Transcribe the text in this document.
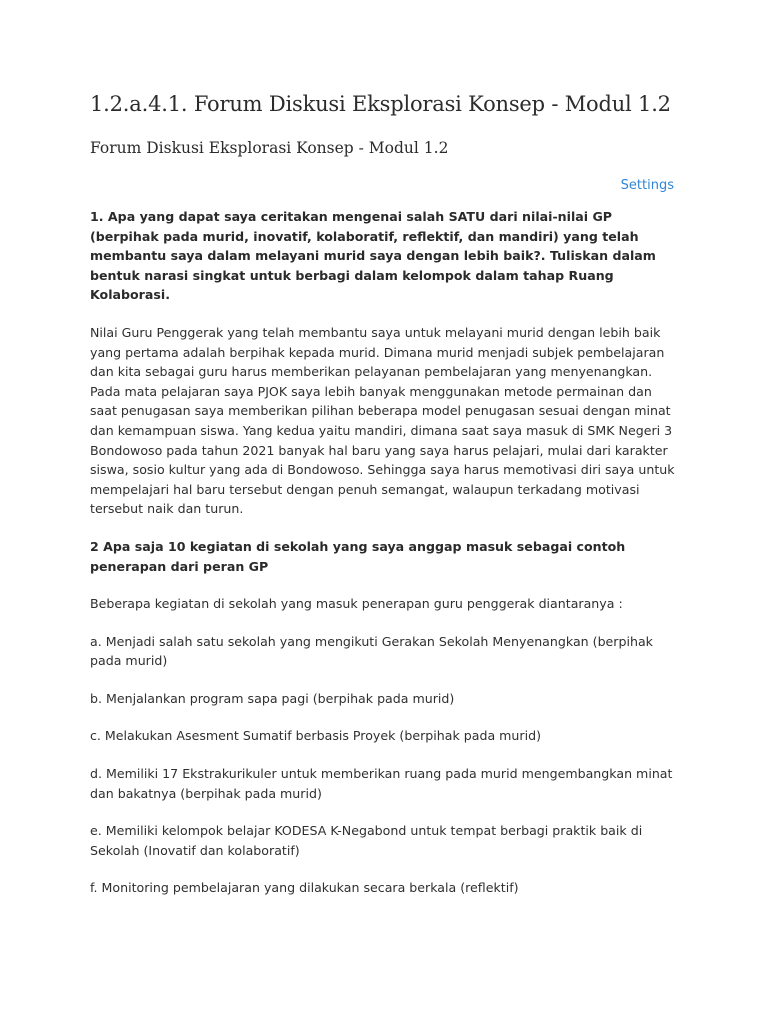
1.2.a.4.1. Forum Diskusi Eksplorasi Konsep - Modul 1.2
Forum Diskusi Eksplorasi Konsep - Modul 1.2
Settings

1. Apa yang dapat saya ceritakan mengenai salah SATU dari nilai-nilai GP (berpihak pada murid, inovatif, kolaboratif, reflektif, dan mandiri) yang telah membantu saya dalam melayani murid saya dengan lebih baik?. Tuliskan dalam bentuk narasi singkat untuk berbagi dalam kelompok dalam tahap Ruang Kolaborasi.

Nilai Guru Penggerak yang telah membantu saya untuk melayani murid dengan lebih baik yang pertama adalah berpihak kepada murid. Dimana murid menjadi subjek pembelajaran dan kita sebagai guru harus memberikan pelayanan pembelajaran yang menyenangkan. Pada mata pelajaran saya PJOK saya lebih banyak menggunakan metode permainan dan saat penugasan saya memberikan pilihan beberapa model penugasan sesuai dengan minat dan kemampuan siswa. Yang kedua yaitu mandiri, dimana saat saya masuk di SMK Negeri 3 Bondowoso pada tahun 2021 banyak hal baru yang saya harus pelajari, mulai dari karakter siswa, sosio kultur yang ada di Bondowoso. Sehingga saya harus memotivasi diri saya untuk mempelajari hal baru tersebut dengan penuh semangat, walaupun terkadang motivasi tersebut naik dan turun.

2 Apa saja 10 kegiatan di sekolah yang saya anggap masuk sebagai contoh penerapan dari peran GP

Beberapa kegiatan di sekolah yang masuk penerapan guru penggerak diantaranya :

a. Menjadi salah satu sekolah yang mengikuti Gerakan Sekolah Menyenangkan (berpihak pada murid)

b. Menjalankan program sapa pagi (berpihak pada murid)

c. Melakukan Asesment Sumatif berbasis Proyek (berpihak pada murid)

d. Memiliki 17 Ekstrakurikuler untuk memberikan ruang pada murid mengembangkan minat dan bakatnya (berpihak pada murid)

e. Memiliki kelompok belajar KODESA K-Negabond untuk tempat berbagi praktik baik di Sekolah (Inovatif dan kolaboratif)

f. Monitoring pembelajaran yang dilakukan secara berkala (reflektif)
